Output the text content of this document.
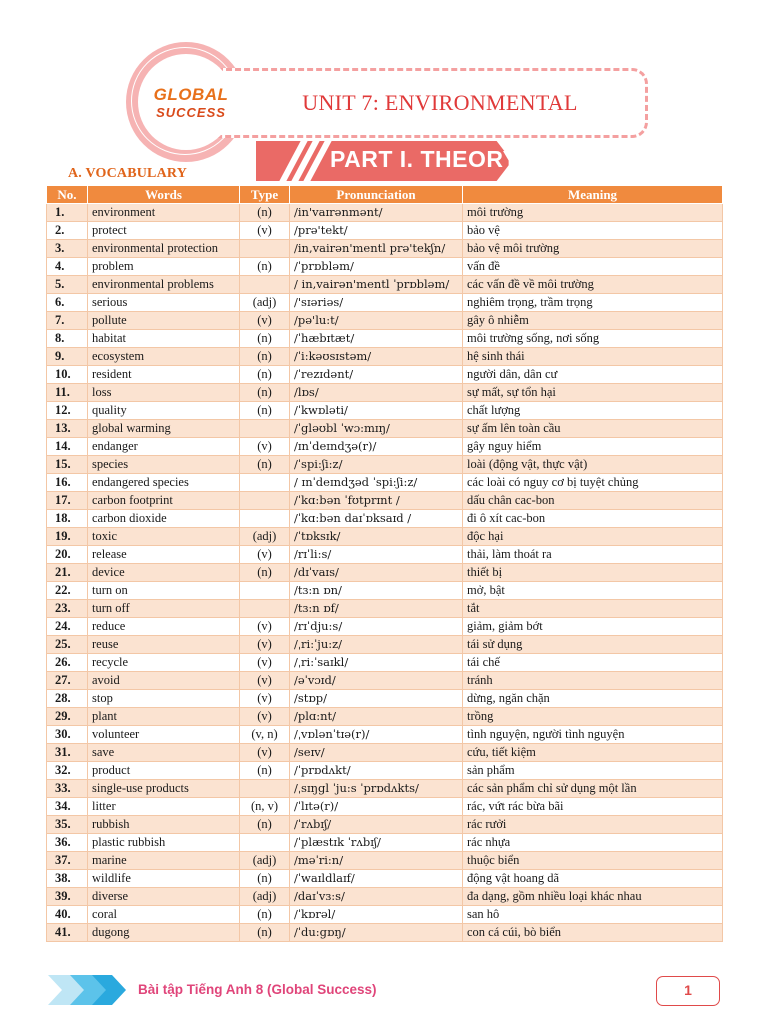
GLOBAL
SUCCESS	UNIT 7: ENVIRONMENTAL
PART I. THEORY
A. VOCABULARY
No.	Words	Type	Pronunciation	Meaning
1.	environment	(n)	/in'vaɪrənmənt/	môi trường
2.	protect	(v)	/prə'tekt/	bảo vệ
3.	environmental protection		/in,vairən'mentl prə'tekʃn/	bảo vệ môi trường
4.	problem	(n)	/ˈprɒbləm/	vấn đề
5.	environmental problems		/ in,vairən'mentl ˈprɒbləm/	các vấn đề về môi trường
6.	serious	(adj)	/'sɪəriəs/	nghiêm trọng, trầm trọng
7.	pollute	(v)	/pə'lu:t/	gây ô nhiễm
8.	habitat	(n)	/ˈhæbɪtæt/	môi trường sống, nơi sống
9.	ecosystem	(n)	/ˈi:kəʊsɪstəm/	hệ sinh thái
10.	resident	(n)	/ˈrezɪdənt/	người dân, dân cư
11.	loss	(n)	/lɒs/	sự mất, sự tổn hại
12.	quality	(n)	/ˈkwɒləti/	chất lượng
13.	global warming		/ˈgləʊbl ˈwɔ:mɪŋ/	sự ấm lên toàn cầu
14.	endanger	(v)	/ɪnˈdeɪndʒə(r)/	gây nguy hiểm
15.	species	(n)	/ˈspi:ʃi:z/	loài (động vật, thực vật)
16.	endangered species		/ ɪnˈdeɪndʒəd ˈspi:ʃi:z/	các loài có nguy cơ bị tuyệt chủng
17.	carbon footprint		/ˈkɑ:bən ˈfʊtprɪnt /	dấu chân cac-bon
18.	carbon dioxide		/ˈkɑ:bən daɪˈɒksaɪd /	đi ô xít cac-bon
19.	toxic	(adj)	/ˈtɒksɪk/	độc hại
20.	release	(v)	/rɪˈli:s/	thải, làm thoát ra
21.	device	(n)	/dɪˈvaɪs/	thiết bị
22.	turn on		/tɜ:n ɒn/	mở, bật
23.	turn off		/tɜ:n ɒf/	tắt
24.	reduce	(v)	/rɪˈdju:s/	giảm, giảm bớt
25.	reuse	(v)	/ˌri:ˈju:z/	tái sử dụng
26.	recycle	(v)	/ˌri:ˈsaɪkl/	tái chế
27.	avoid	(v)	/əˈvɔɪd/	tránh
28.	stop	(v)	/stɒp/	dừng, ngăn chặn
29.	plant	(v)	/plɑ:nt/	trồng
30.	volunteer	(v, n)	/ˌvɒlənˈtɪə(r)/	tình nguyện, người tình nguyện
31.	save	(v)	/seɪv/	cứu, tiết kiệm
32.	product	(n)	/ˈprɒdʌkt/	sản phẩm
33.	single-use products		/ˌsɪŋgl ˈju:s ˈprɒdʌkts/	các sản phẩm chỉ sử dụng một lần
34.	litter	(n, v)	/ˈlɪtə(r)/	rác, vứt rác bừa bãi
35.	rubbish	(n)	/ˈrʌbɪʃ/	rác rưởi
36.	plastic rubbish		/ˈplæstɪk ˈrʌbɪʃ/	rác nhựa
37.	marine	(adj)	/məˈri:n/	thuộc biển
38.	wildlife	(n)	/ˈwaɪldlaɪf/	động vật hoang dã
39.	diverse	(adj)	/daɪˈvɜ:s/	đa dạng, gồm nhiều loại khác nhau
40.	coral	(n)	/ˈkɒrəl/	san hô
41.	dugong	(n)	/ˈdu:gɒŋ/	con cá cúi, bò biển
Bài tập Tiếng Anh 8 (Global Success)	1
